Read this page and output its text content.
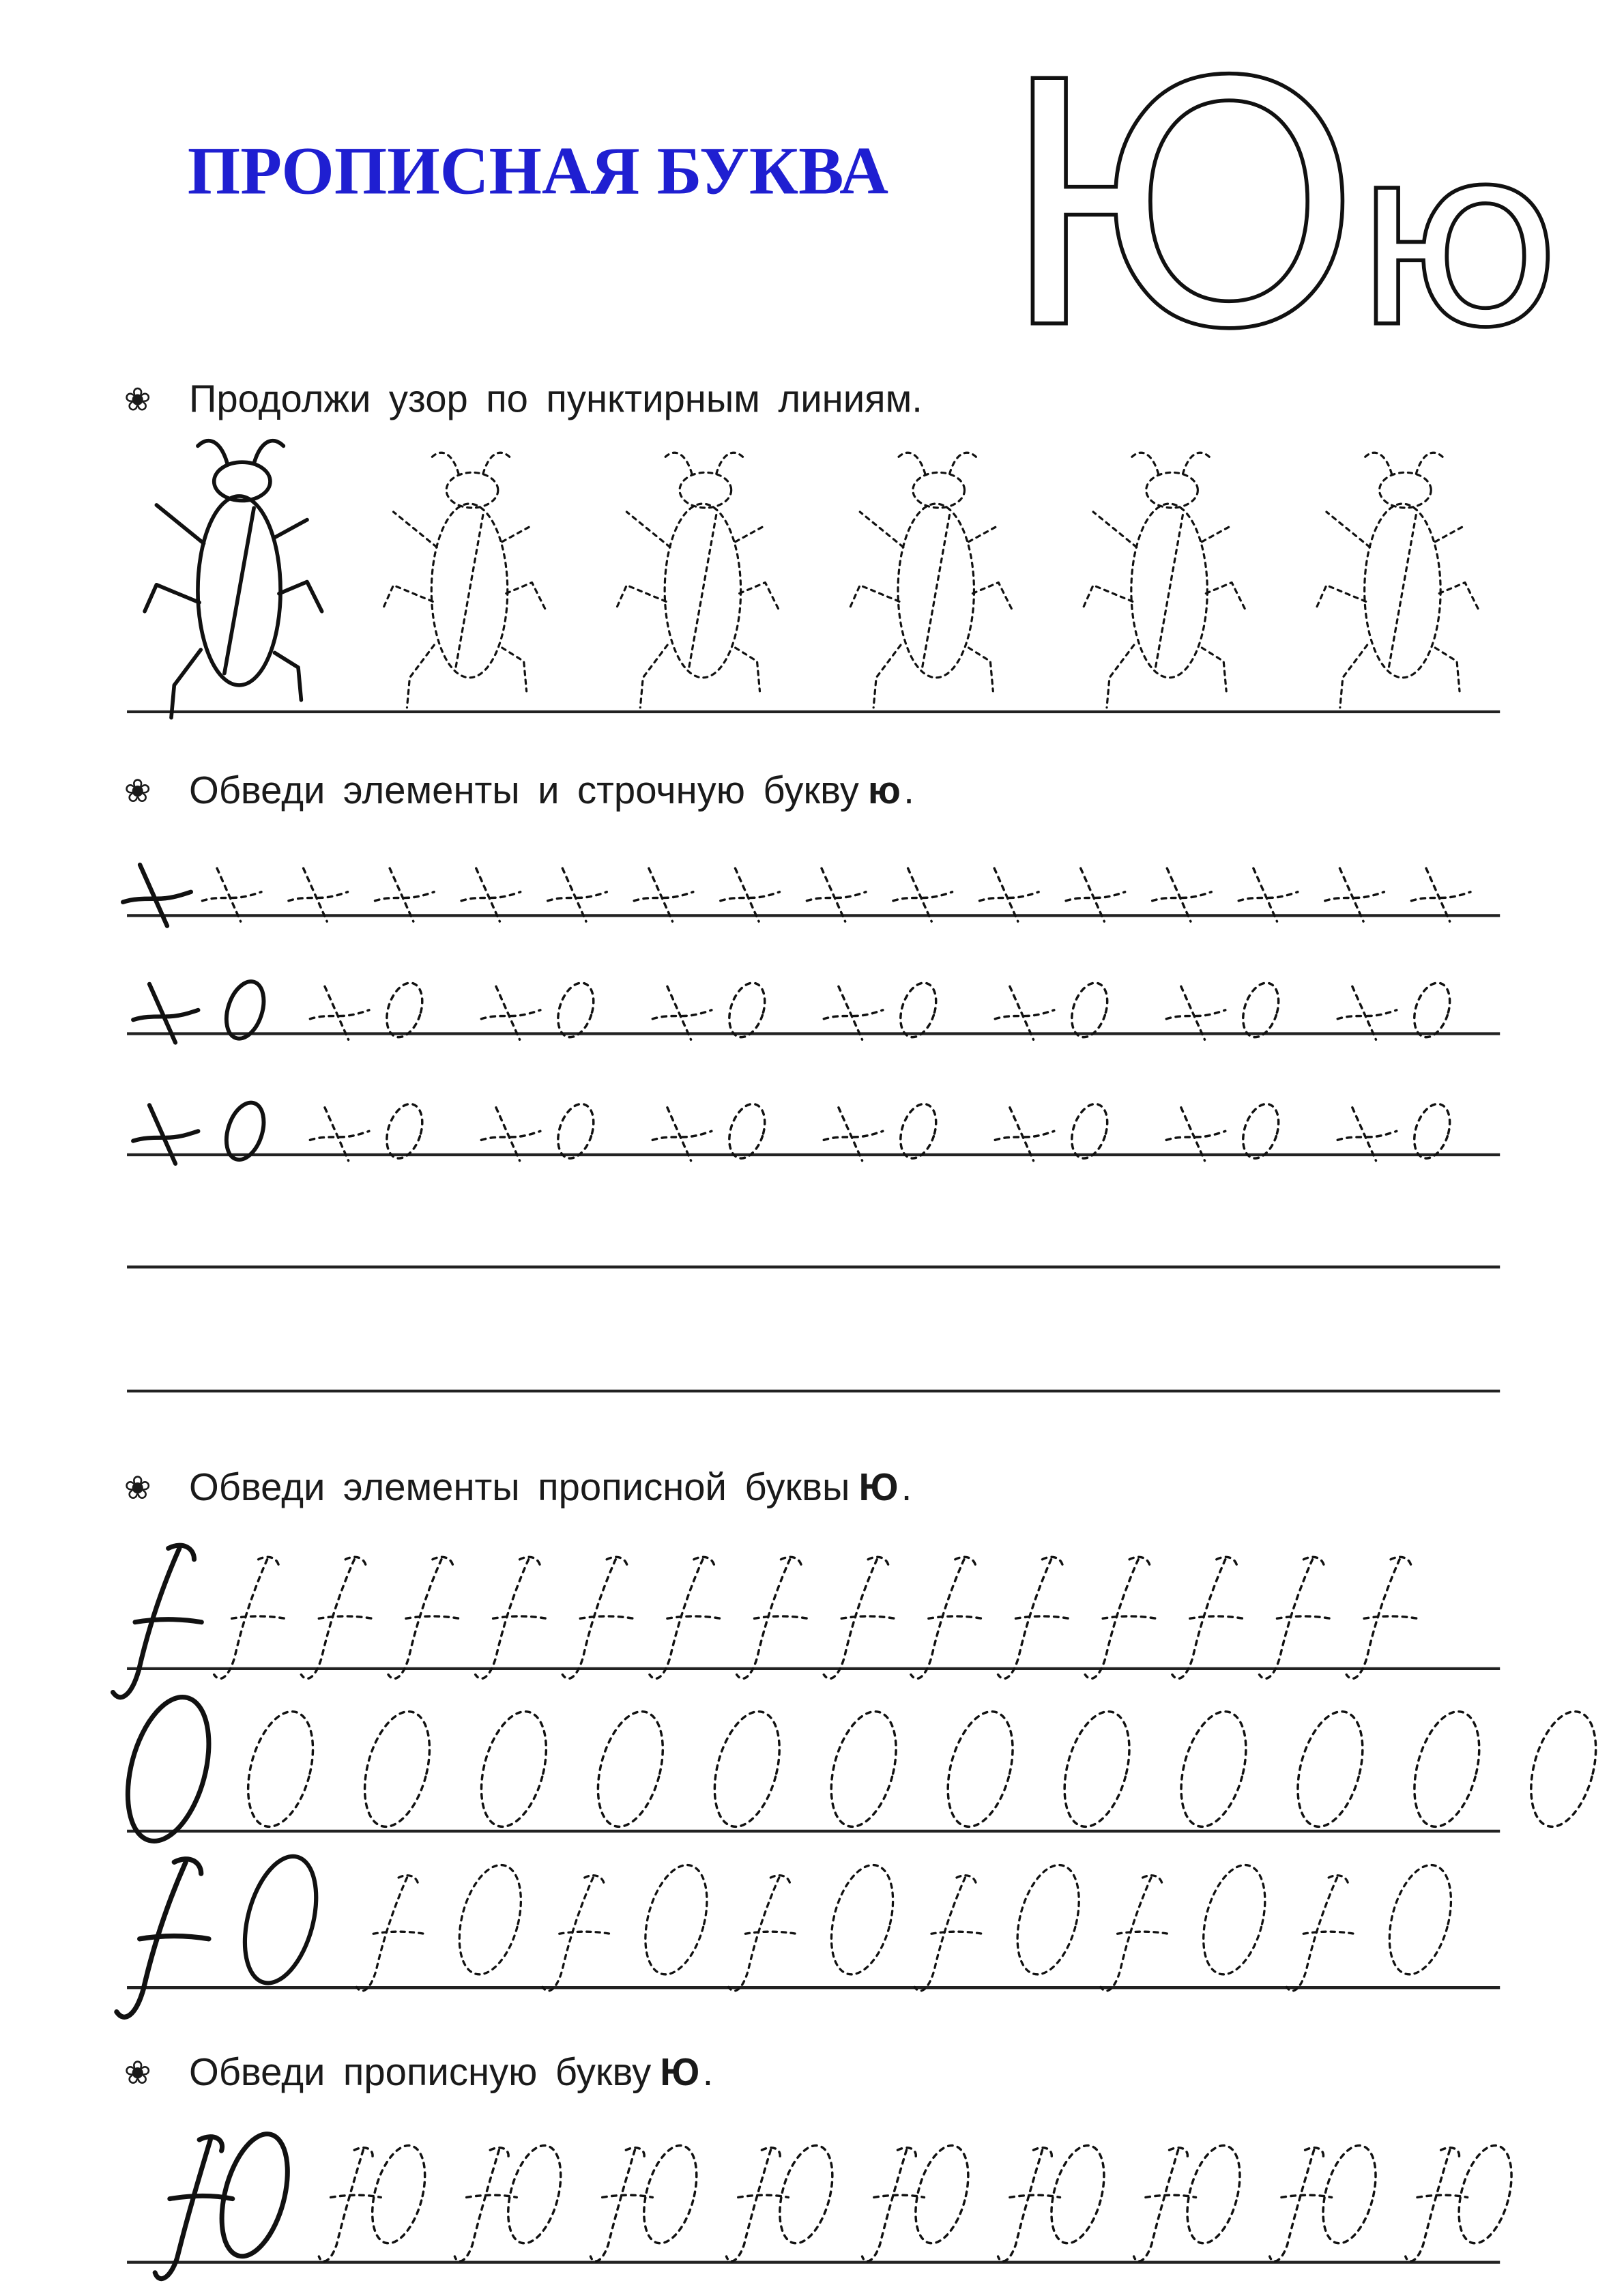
ПРОПИСНАЯ БУКВА Юю
❀ Продолжи узор по пунктирным линиям.
❀ Обведи элементы и строчную букву ю .
❀ Обведи элементы прописной буквы Ю .
❀ Обведи прописную букву Ю .
